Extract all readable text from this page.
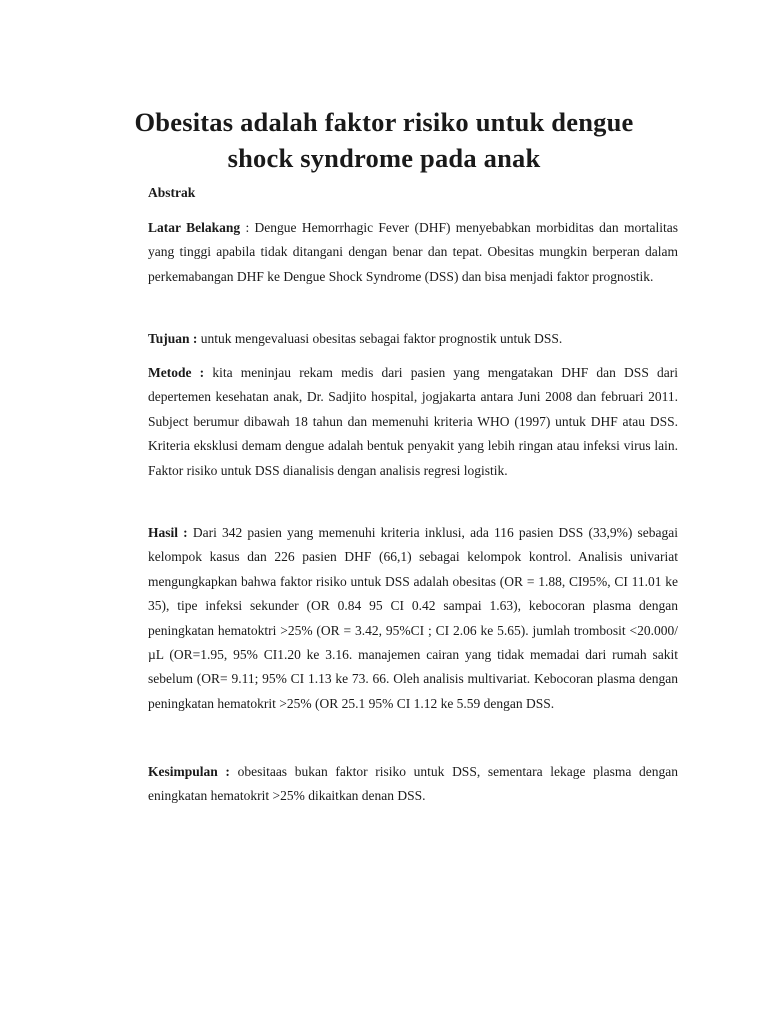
Obesitas adalah faktor risiko untuk dengue shock syndrome pada anak

Abstrak

Latar Belakang : Dengue Hemorrhagic Fever (DHF) menyebabkan morbiditas dan mortalitas yang tinggi apabila tidak ditangani dengan benar dan tepat. Obesitas mungkin berperan dalam perkemabangan DHF ke Dengue Shock Syndrome (DSS) dan bisa menjadi faktor prognostik.

Tujuan : untuk mengevaluasi obesitas sebagai faktor prognostik untuk DSS.

Metode : kita meninjau rekam medis dari pasien yang mengatakan DHF dan DSS dari depertemen kesehatan anak, Dr. Sadjito hospital, jogjakarta antara Juni 2008 dan februari 2011. Subject berumur dibawah 18 tahun dan memenuhi kriteria WHO (1997) untuk DHF atau DSS. Kriteria eksklusi demam dengue adalah bentuk penyakit yang lebih ringan atau infeksi virus lain. Faktor risiko untuk DSS dianalisis dengan analisis regresi logistik.

Hasil : Dari 342 pasien yang memenuhi kriteria inklusi, ada 116 pasien DSS (33,9%) sebagai kelompok kasus dan 226 pasien DHF (66,1) sebagai kelompok kontrol. Analisis univariat mengungkapkan bahwa faktor risiko untuk DSS adalah obesitas (OR = 1.88, CI95%, CI 11.01 ke 35), tipe infeksi sekunder (OR 0.84 95 CI 0.42 sampai 1.63), kebocoran plasma dengan peningkatan hematoktri >25% (OR = 3.42, 95%CI ; CI 2.06 ke 5.65). jumlah trombosit <20.000/µL (OR=1.95, 95% CI1.20 ke 3.16. manajemen cairan yang tidak memadai dari rumah sakit sebelum (OR= 9.11; 95% CI 1.13 ke 73. 66. Oleh analisis multivariat. Kebocoran plasma dengan peningkatan hematokrit >25% (OR 25.1 95% CI 1.12 ke 5.59 dengan DSS.

Kesimpulan : obesitaas bukan faktor risiko untuk DSS, sementara lekage plasma dengan eningkatan hematokrit >25% dikaitkan denan DSS.
